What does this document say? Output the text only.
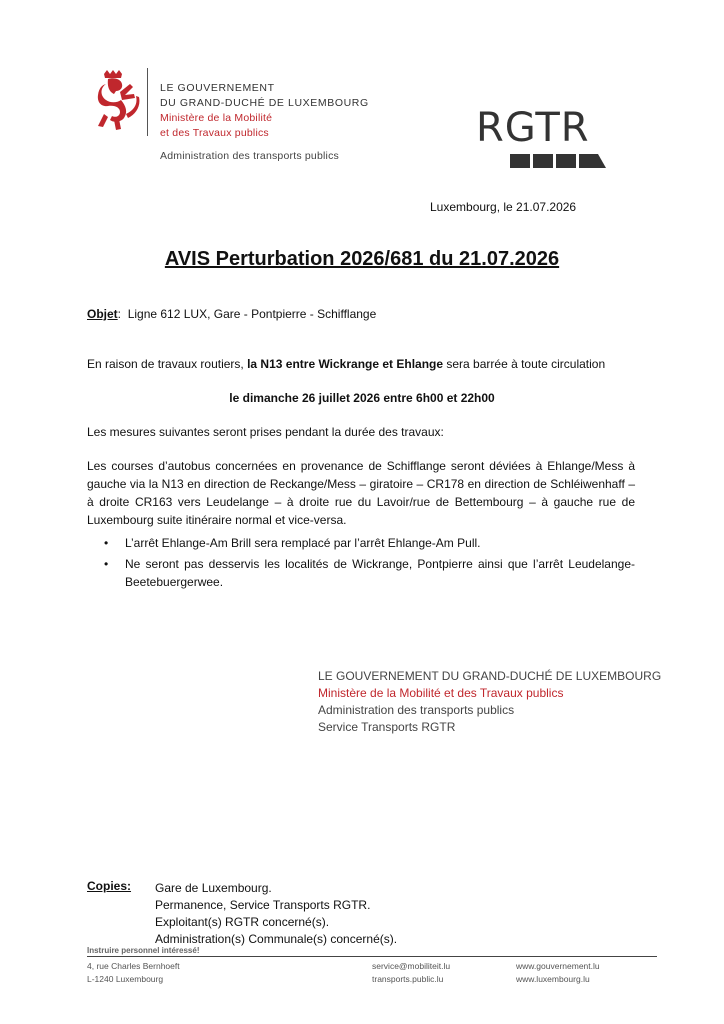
LE GOUVERNEMENT
DU GRAND-DUCHÉ DE LUXEMBOURG
Ministère de la Mobilité
et des Travaux publics
Administration des transports publics
RGTR
Luxembourg, le 21.07.2026
AVIS Perturbation 2026/681 du 21.07.2026
Objet: Ligne 612 LUX, Gare - Pontpierre - Schifflange
En raison de travaux routiers, la N13 entre Wickrange et Ehlange sera barrée à toute circulation
le dimanche 26 juillet 2026 entre 6h00 et 22h00
Les mesures suivantes seront prises pendant la durée des travaux:
Les courses d’autobus concernées en provenance de Schifflange seront déviées à Ehlange/Mess à gauche via la N13 en direction de Reckange/Mess – giratoire – CR178 en direction de Schléiwenhaff – à droite CR163 vers Leudelange – à droite rue du Lavoir/rue de Bettembourg – à gauche rue de Luxembourg suite itinéraire normal et vice-versa.
• L’arrêt Ehlange-Am Brill sera remplacé par l’arrêt Ehlange-Am Pull.
• Ne seront pas desservis les localités de Wickrange, Pontpierre ainsi que l’arrêt Leudelange-Beetebuergerwee.
LE GOUVERNEMENT DU GRAND-DUCHÉ DE LUXEMBOURG
Ministère de la Mobilité et des Travaux publics
Administration des transports publics
Service Transports RGTR
Copies: Gare de Luxembourg.
Permanence, Service Transports RGTR.
Exploitant(s) RGTR concerné(s).
Administration(s) Communale(s) concerné(s).
Instruire personnel intéressé!
4, rue Charles Bernhoeft
L-1240 Luxembourg
service@mobiliteit.lu
transports.public.lu
www.gouvernement.lu
www.luxembourg.lu
